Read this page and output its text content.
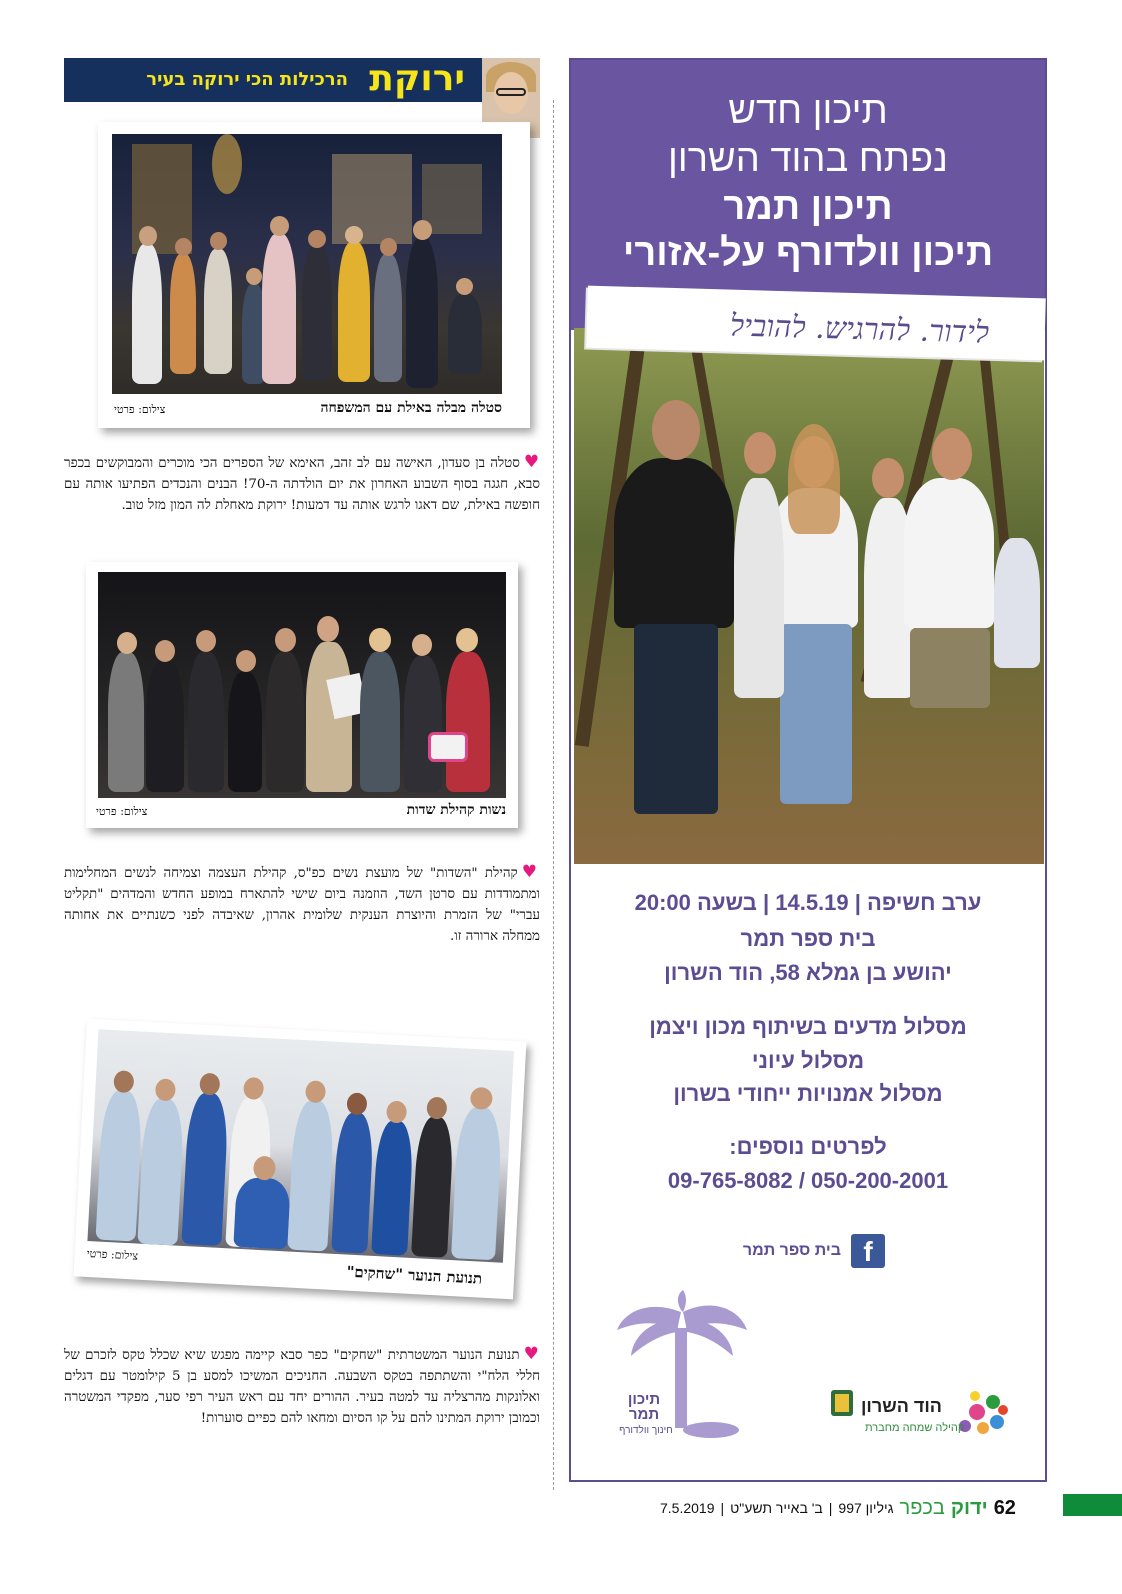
ירוקת
הרכילות הכי ירוקה בעיר
סטלה מבלה באילת עם המשפחה
צילום: פרטי
♥סטלה בן סעדון, האישה עם לב זהב, האימא של הספרים הכי מוכרים והמבוקשים בכפר סבא, חגגה בסוף השבוע האחרון את יום הולדתה ה-70! הבנים והנכדים הפתיעו אותה עם חופשה באילת, שם דאגו לרגש אותה עד דמעות! ירוקת מאחלת לה המון מזל טוב.
נשות קהילת שדות
צילום: פרטי
♥קהילת "השדות" של מועצת נשים כפ"ס, קהילת העצמה וצמיחה לנשים המחלימות ומתמודדות עם סרטן השד, הוזמנה ביום שישי להתארח במופע החדש והמדהים "תקליט עברי" של הזמרת והיוצרת הענקית שלומית אהרון, שאיבדה לפני כשנתיים את אחותה ממחלה ארורה זו.
תנועת הנוער "שחקים"
צילום: פרטי
♥תנועת הנוער המשטרתית "שחקים" כפר סבא קיימה מפגש שיא שכלל טקס לזכרם של חללי הלח"י והשתתפה בטקס השבעה. החניכים המשיכו למסע בן 5 קילומטר עם דגלים ואלונקות מהרצליה עד למטה בעיר. ההורים יחד עם ראש העיר רפי סער, מפקדי המשטרה וכמובן ירוקת המתינו להם על קו הסיום ומחאו להם כפיים סוערות!
תיכון חדש
נפתח בהוד השרון
תיכון תמר
תיכון וולדורף על-אזורי
לידור. להרגיש. להוביל
ערב חשיפה | 14.5.19 | בשעה 20:00
בית ספר תמר
יהושע בן גמלא 58, הוד השרון
מסלול מדעים בשיתוף מכון ויצמן
מסלול עיוני
מסלול אמנויות ייחודי בשרון
לפרטים נוספים:
050-200-2001 / 09-765-8082
f
בית ספר תמר
תיכון
תמר
חינוך וולדורף
הוד השרון
קהילה שמחה מחברת
62
ידוק
בכפר
גיליון 997
|
ב' באייר תשע"ט
|
7.5.2019
